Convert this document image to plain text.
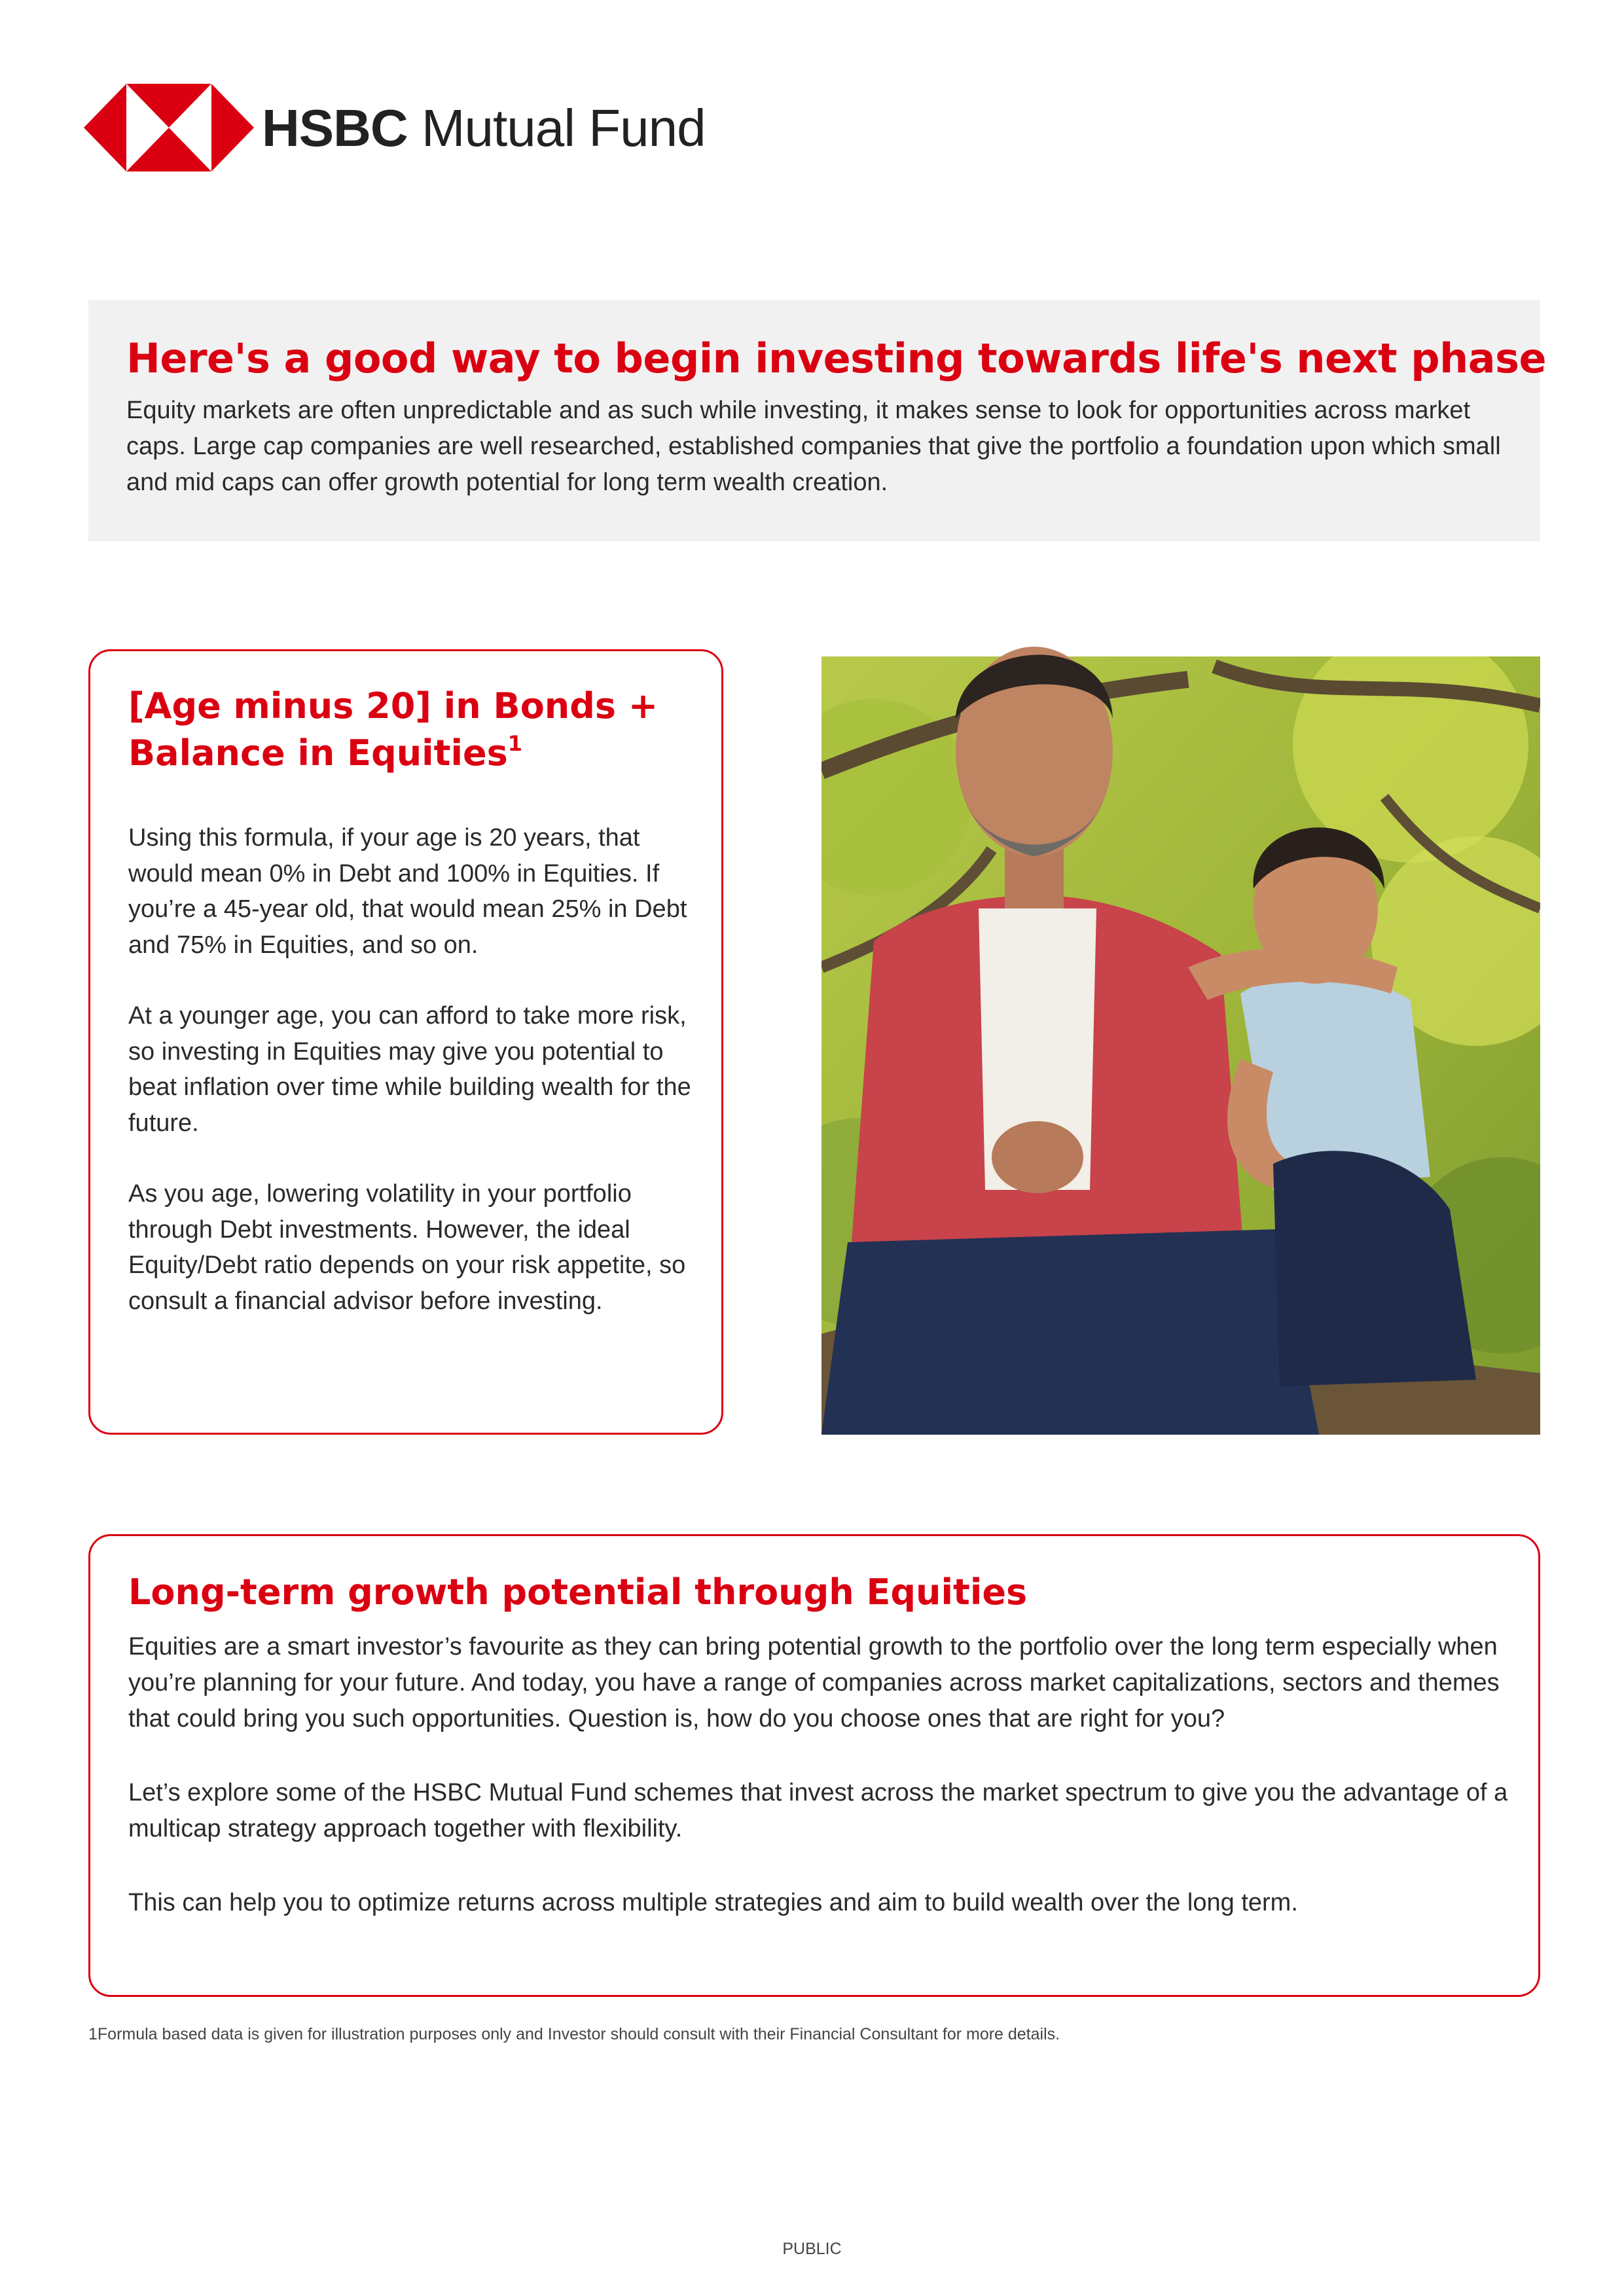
HSBC Mutual Fund
Here's a good way to begin investing towards life's next phase

Equity markets are often unpredictable and as such while investing, it makes sense to look for opportunities across market caps. Large cap companies are well researched, established companies that give the portfolio a foundation upon which small and mid caps can offer growth potential for long term wealth creation.

[Age minus 20] in Bonds + Balance in Equities$^1$

Using this formula, if your age is 20 years, that would mean 0% in Debt and 100% in Equities. If you’re a 45-year old, that would mean 25% in Debt and 75% in Equities, and so on.

At a younger age, you can afford to take more risk, so investing in Equities may give you potential to beat inflation over time while building wealth for the future.

As you age, lowering volatility in your portfolio through Debt investments. However, the ideal Equity/Debt ratio depends on your risk appetite, so consult a financial advisor before investing.

Long-term growth potential through Equities

Equities are a smart investor’s favourite as they can bring potential growth to the portfolio over the long term especially when you’re planning for your future. And today, you have a range of companies across market capitalizations, sectors and themes that could bring you such opportunities. Question is, how do you choose ones that are right for you?

Let’s explore some of the HSBC Mutual Fund schemes that invest across the market spectrum to give you the advantage of a multicap strategy approach together with flexibility.

This can help you to optimize returns across multiple strategies and aim to build wealth over the long term.

1Formula based data is given for illustration purposes only and Investor should consult with their Financial Consultant for more details.
PUBLIC
